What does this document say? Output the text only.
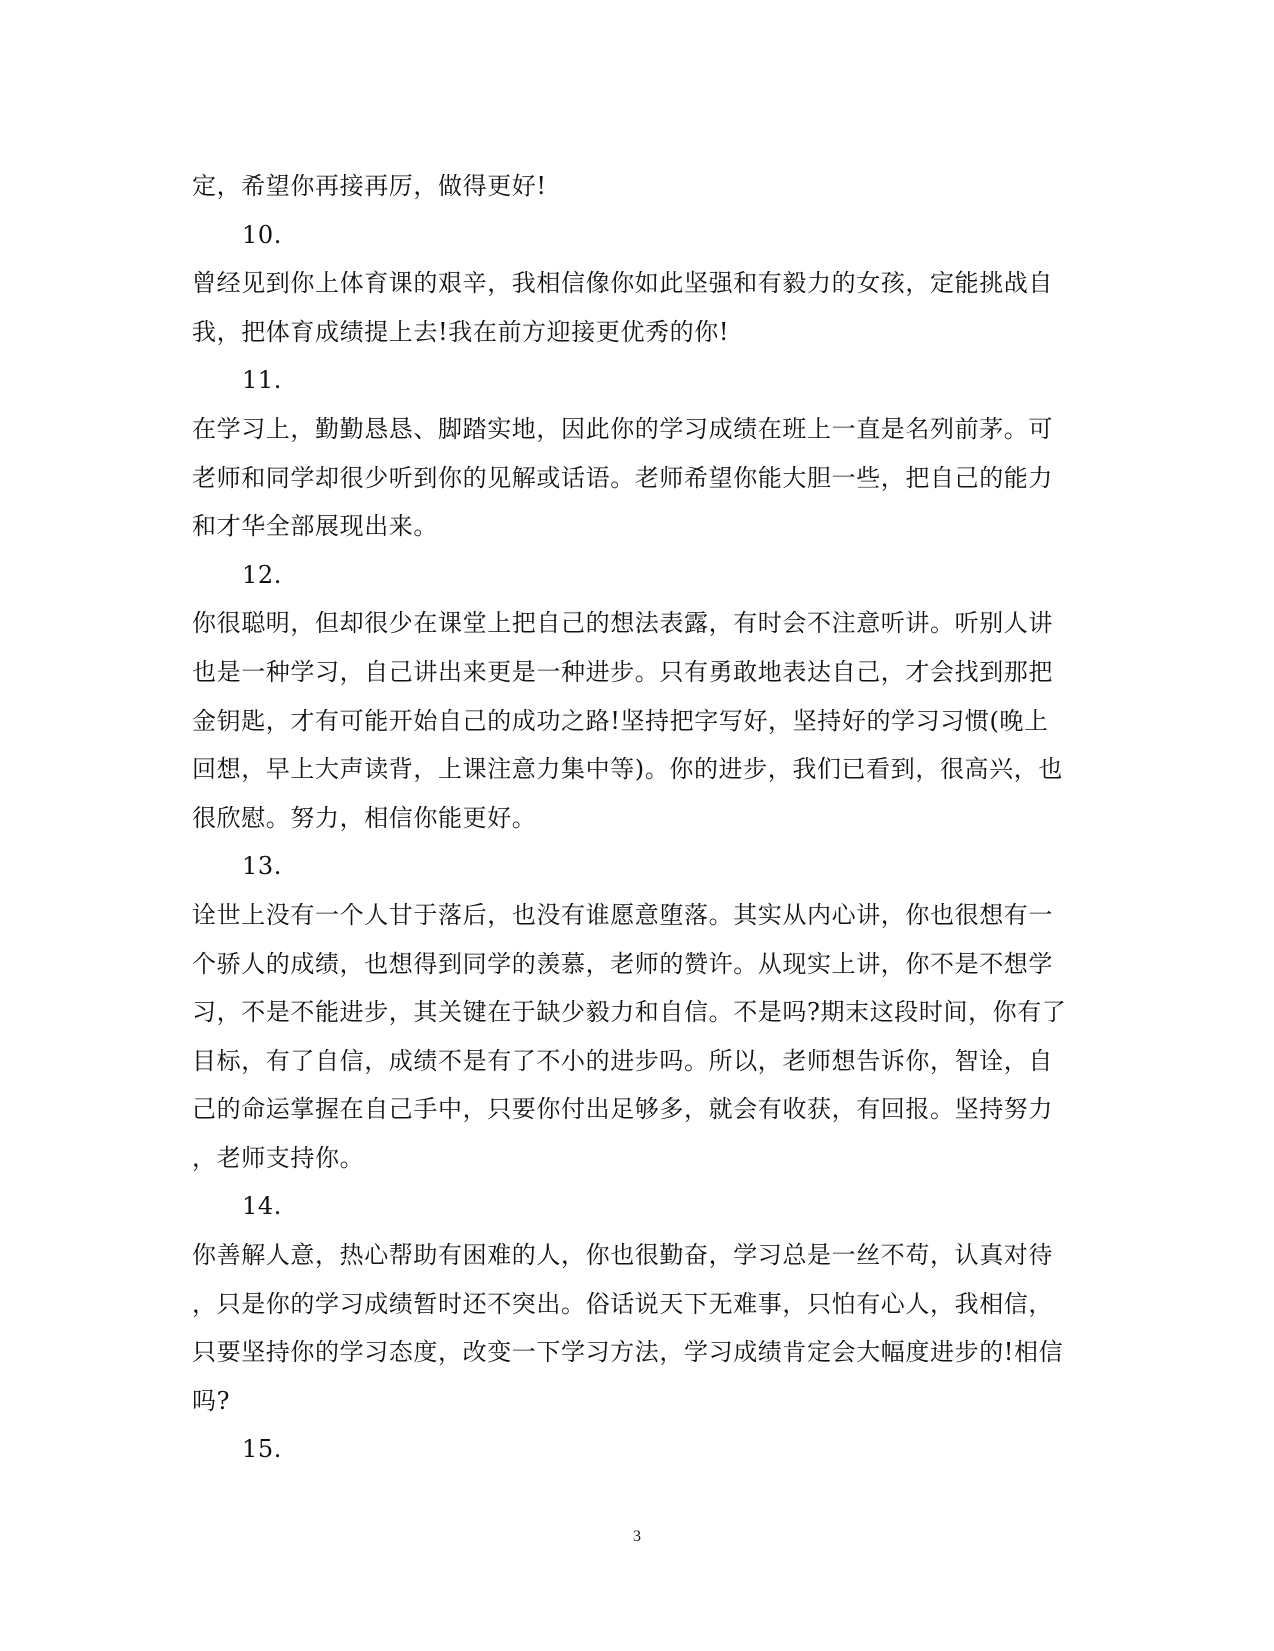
定，希望你再接再厉，做得更好!
10.
曾经见到你上体育课的艰辛，我相信像你如此坚强和有毅力的女孩，定能挑战自
我，把体育成绩提上去!我在前方迎接更优秀的你!
11.
在学习上，勤勤恳恳、脚踏实地，因此你的学习成绩在班上一直是名列前茅。可
老师和同学却很少听到你的见解或话语。老师希望你能大胆一些，把自己的能力
和才华全部展现出来。
12.
你很聪明，但却很少在课堂上把自己的想法表露，有时会不注意听讲。听别人讲
也是一种学习，自己讲出来更是一种进步。只有勇敢地表达自己，才会找到那把
金钥匙，才有可能开始自己的成功之路!坚持把字写好，坚持好的学习习惯(晚上
回想，早上大声读背，上课注意力集中等)。你的进步，我们已看到，很高兴，也
很欣慰。努力，相信你能更好。
13.
诠世上没有一个人甘于落后，也没有谁愿意堕落。其实从内心讲，你也很想有一
个骄人的成绩，也想得到同学的羡慕，老师的赞许。从现实上讲，你不是不想学
习，不是不能进步，其关键在于缺少毅力和自信。不是吗?期末这段时间，你有了
目标，有了自信，成绩不是有了不小的进步吗。所以，老师想告诉你，智诠，自
己的命运掌握在自己手中，只要你付出足够多，就会有收获，有回报。坚持努力
，老师支持你。
14.
你善解人意，热心帮助有困难的人，你也很勤奋，学习总是一丝不苟，认真对待
，只是你的学习成绩暂时还不突出。俗话说天下无难事，只怕有心人，我相信，
只要坚持你的学习态度，改变一下学习方法，学习成绩肯定会大幅度进步的!相信
吗?
15.
3
